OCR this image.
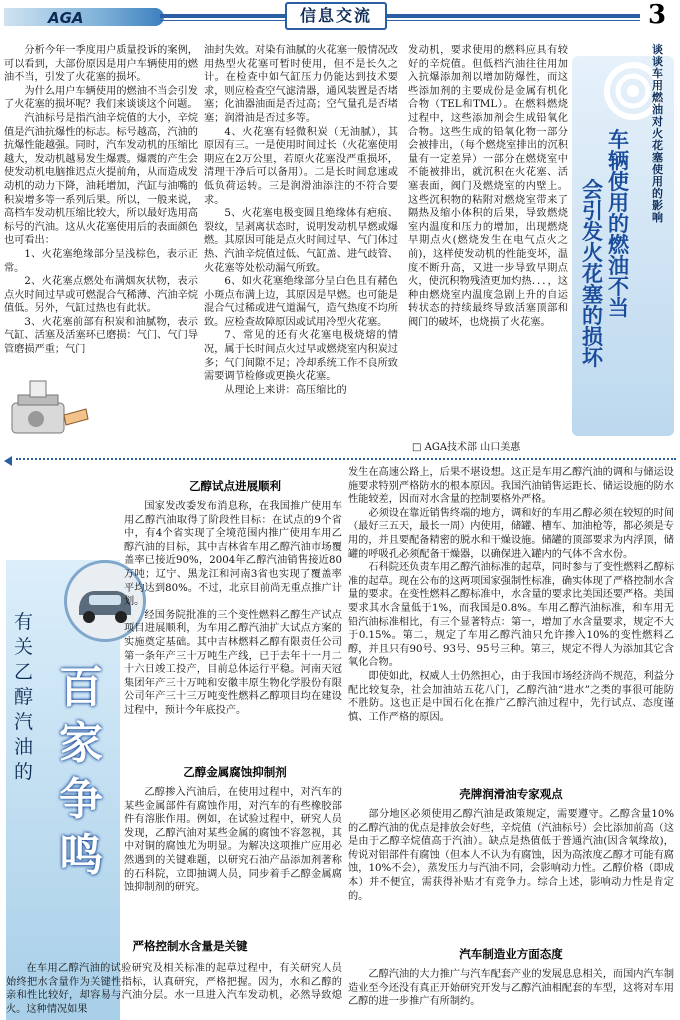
AGA	信息交流	3

分析今年一季度用户质量投诉的案例，可以看到，大部份原因是用户车辆使用的燃油不当，引发了火花塞的损坏。

为什么用户车辆使用的燃油不当会引发了火花塞的损坏呢？我们来谈谈这个问题。

汽油标号是指汽油辛烷值的大小，辛烷值是汽油抗爆性的标志。标号越高，汽油的抗爆性能越强。同时，汽车发动机的压缩比越大，发动机越易发生爆震。爆震的产生会使发动机电脑推迟点火提前角，从而造成发动机的动力下降，油耗增加，汽缸与油嘴的积炭增多等一系列后果。所以，一般来说，高档车发动机压缩比较大，所以最好选用高标号的汽油。这从火花塞使用后的表面颜色也可看出：

1、火花塞绝缘部分呈浅棕色，表示正常。

2、火花塞点燃处布满烟灰状物，表示点火时间过早或可燃混合气稀薄、汽油辛烷值低。另外，气缸过热也有此状。

3、火花塞前部有积炭和油腻物，表示气缸、活塞及活塞环已磨损：气门、气门导管磨损严重；气门

油封失效。对染有油腻的火花塞一般情况改用热型火花塞可暂时使用，但不是长久之计。在检查中如气缸压力仍能达到技术要求，则应检查空气滤清器，通风装置是否堵塞；化油器油面是否过高；空气量孔是否堵塞；润滑油是否过多等。

4、火花塞有轻微积炭（无油腻），其原因有三。一是使用时间过长（火花塞使用期应在2万公里，若原火花塞没严重损坏，清理干净后可以备用）。二是长时间怠速或低负荷运转。三是润滑油添注的不符合要求。

5、火花塞电极变圆且绝缘体有疤痕、裂纹，呈剥离状态时，说明发动机早燃或爆燃。其原因可能是点火时间过早、气门体过热、汽油辛烷值过低、气缸盖、进气歧管、火花塞等处松动漏气所致。

6、如火花塞绝缘部分呈白色且有赭色小斑点布满上边，其原因是早燃。也可能是混合气过稀或进气道漏气，造气热度不均所致。应检查故障原因或试用冷型火花塞。

7、常见的还有火花塞电极烧熔的情况，属于长时间点火过早或燃烧室内积炭过多；气门间隙不足；冷却系统工作不良所致需要调节检修或更换火花塞。

从理论上来讲：高压缩比的

发动机，要求使用的燃料应具有较好的辛烷值。但低档汽油往往用加入抗爆添加剂以增加防爆性，而这些添加剂的主要成份是金属有机化合物（TEL和TML）。在燃料燃烧过程中，这些添加剂会生成铅氧化合物。这些生成的铅氧化物一部分会被排出，（每个燃烧室排出的沉积量有一定差异）一部分在燃烧室中不能被排出，就沉积在火花塞、活塞表面，阀门及燃烧室的内壁上。这些沉积物的粘附对燃烧室带来了隔热及缩小体积的后果，导致燃烧室内温度和压力的增加，出现燃烧早期点火(燃烧发生在电气点火之前)，这样使发动机的性能变坏，温度不断升高，又进一步导致早期点火，使沉积物残渣更加灼热．．．，这种由燃烧室内温度急剧上升的自运转状态的持续最终导致活塞顶部和阀门的破坏，也烧损了火花塞。

谈谈车用燃油对火花塞使用的影响
车辆使用的燃油不当
会引发火花塞的损坏
□ AGA技术部 山口美惠
有关乙醇汽油的
百家争鸣
乙醇试点进展顺利

国家发改委发布消息称，在我国推广使用车用乙醇汽油取得了阶段性目标：在试点的9个省中，有4个省实现了全境范围内推广使用车用乙醇汽油的目标，其中吉林省车用乙醇汽油市场覆盖率已接近90%，2004年乙醇汽油销售接近80万吨；辽宁、黑龙江和河南3省也实现了覆盖率平均达到80%。不过，北京目前尚无重点推广计划。

经国务院批准的三个变性燃料乙醇生产试点项目进展顺利，为车用乙醇汽油扩大试点方案的实施奠定基础。其中吉林燃料乙醇有限责任公司第一条年产三十万吨生产线，已于去年十一月二十六日竣工投产，目前总体运行平稳。河南天冠集团年产三十万吨和安徽丰原生物化学股份有限公司年产三十三万吨变性燃料乙醇项目均在建设过程中，预计今年底投产。

乙醇金属腐蚀抑制剂

乙醇掺入汽油后，在使用过程中，对汽车的某些金属部件有腐蚀作用，对汽车的有些橡胶部件有溶胀作用。例如，在试验过程中，研究人员发现，乙醇汽油对某些金属的腐蚀不容忽视，其中对铜的腐蚀尤为明显。为解决这项推广应用必然遇到的关键难题，以研究石油产品添加剂著称的石科院，立即抽调人员，同步着手乙醇金属腐蚀抑制剂的研究。

严格控制水含量是关键

在车用乙醇汽油的试验研究及相关标准的起草过程中，有关研究人员始终把水含量作为关键性指标，认真研究，严格把握。因为，水和乙醇的亲和性比较好，却容易与汽油分层。水一旦进入汽车发动机，必然导致熄火。这种情况如果

发生在高速公路上，后果不堪设想。这正是车用乙醇汽油的调和与储运设施要求特别严格防水的根本原因。我国汽油销售运距长、储运设施的防水性能较差，因而对水含量的控制要格外严格。

必须设在靠近销售终端的地方，调和好的车用乙醇必须在较短的时间（最好三五天，最长一周）内使用，储罐、槽车、加油枪等，都必须是专用的，并且要配备精密的脱水和干燥设施。储罐的顶部要求为内浮顶，储罐的呼吸孔必须配备干燥器，以确保进入罐内的气体不含水份。

石科院还负责车用乙醇汽油标准的起草，同时参与了变性燃料乙醇标准的起草。现在公布的这两项国家强制性标准，确实体现了严格控制水含量的要求。在变性燃料乙醇标准中，水含量的要求比美国还要严格。美国要求其水含量低于1%，而我国是0.8%。车用乙醇汽油标准，和车用无铅汽油标准相比，有三个显著特点：第一，增加了水含量要求，规定不大于0.15%。第二，规定了车用乙醇汽油只允许掺入10%的变性燃料乙醇，并且只有90号、93号、95号三种。第三，规定不得人为添加其它含氧化合物。

即使如此，权威人士仍然担心，由于我国市场经济尚不规范，利益分配比较复杂，社会加油站五花八门，乙醇汽油“进水”之类的事很可能防不胜防。这也正是中国石化在推广乙醇汽油过程中，先行试点、态度谨慎、工作严格的原因。

壳牌润滑油专家观点

部分地区必须使用乙醇汽油是政策规定，需要遵守。乙醇含量10%的乙醇汽油的优点是排放会好些，辛烷值（汽油标号）会比添加前高（这是由于乙醇辛烷值高于汽油）。缺点是热值低于普通汽油(因含氧缘故)，传说对铝部件有腐蚀（但本人不认为有腐蚀，因为高浓度乙醇才可能有腐蚀，10%不会），蒸发压力与汽油不同，会影响动力性。乙醇价格（即成本）并不便宜，需获得补贴才有竞争力。综合上述，影响动力性是肯定的。

汽车制造业方面态度

乙醇汽油的大力推广与汽车配套产业的发展息息相关，而国内汽车制造业至今还没有真正开始研究开发与乙醇汽油相配套的车型，这将对车用乙醇的进一步推广有所制约。
